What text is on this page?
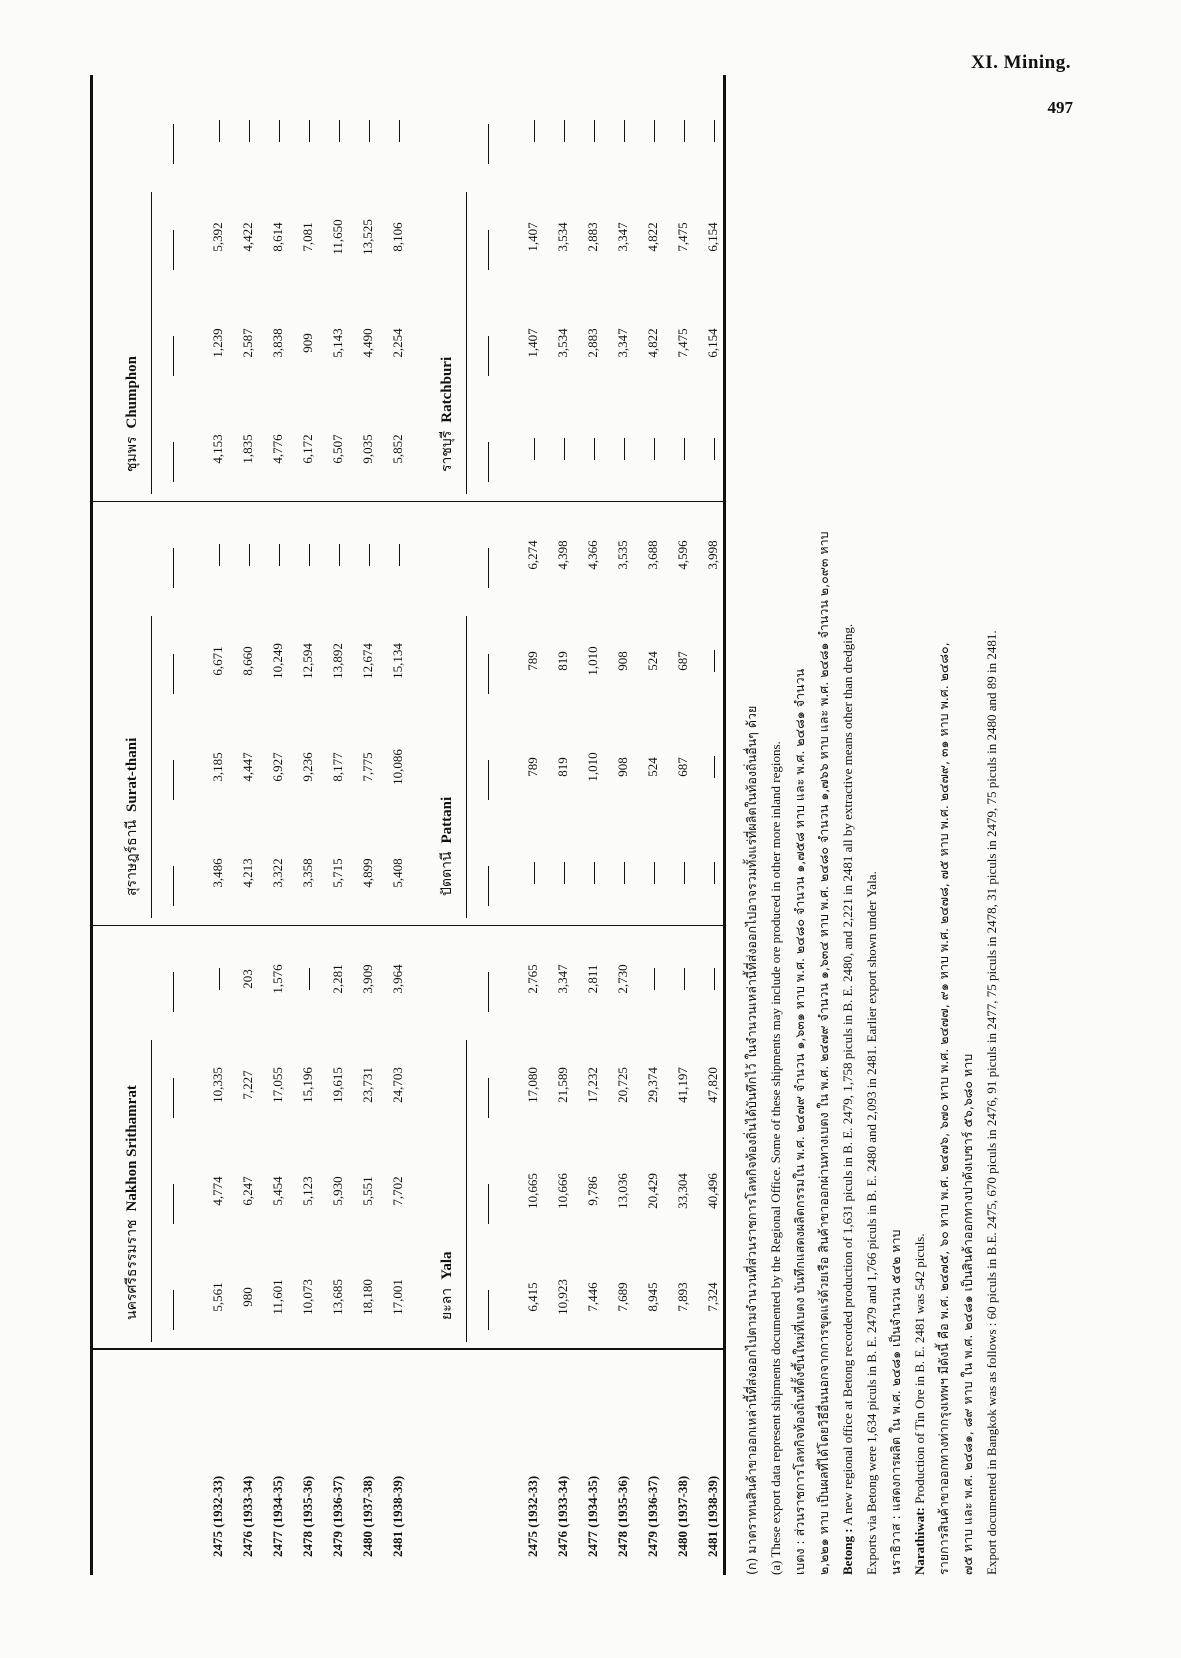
XI. Mining.
497
นครศรีธรรมราชNakhon Srithamrat
สุราษฎร์ธานีSurat-thani
ชุมพรChumphon
2475 (1932-33)
5,561
4,774
10,335
3,486
3,185
6,671
4,153
1,239
5,392
2476 (1933-34)
980
6,247
7,227
203
4,213
4,447
8,660
1,835
2,587
4,422
2477 (1934-35)
11,601
5,454
17,055
1,576
3,322
6,927
10,249
4,776
3,838
8,614
2478 (1935-36)
10,073
5,123
15,196
3,358
9,236
12,594
6,172
909
7,081
2479 (1936-37)
13,685
5,930
19,615
2,281
5,715
8,177
13,892
6,507
5,143
11,650
2480 (1937-38)
18,180
5,551
23,731
3,909
4,899
7,775
12,674
9,035
4,490
13,525
2481 (1938-39)
17,001
7,702
24,703
3,964
5,408
10,086
15,134
5,852
2,254
8,106
ยะลาYala
ปัตตานีPattani
ราชบุรีRatchburi
2475 (1932-33)
6,415
10,665
17,080
2,765
789
789
6,274
1,407
1,407
2476 (1933-34)
10,923
10,666
21,589
3,347
819
819
4,398
3,534
3,534
2477 (1934-35)
7,446
9,786
17,232
2,811
1,010
1,010
4,366
2,883
2,883
2478 (1935-36)
7,689
13,036
20,725
2,730
908
908
3,535
3,347
3,347
2479 (1936-37)
8,945
20,429
29,374
524
524
3,688
4,822
4,822
2480 (1937-38)
7,893
33,304
41,197
687
687
4,596
7,475
7,475
2481 (1938-39)
7,324
40,496
47,820
3,998
6,154
6,154
(ก) มาตราทนสินค้าขาออกเหล่านี้ที่ส่งออกไปตามจำนวนที่ส่วนราชการโลหกิจท้องถิ่นได้บันทึกไว้ ในจำนวนเหล่านี้ที่ส่งออกไปอาจรวมทั้งแร่ที่ผลิตในท้องถิ่นอื่นๆ ด้วย (a) These export data represent shipments documented by the Regional Office. Some of these shipments may include ore produced in other more inland regions. เบตง : ส่วนราชการโลหกิจท้องถิ่นที่ตั้งขึ้นใหม่ที่เบตง บันทึกแสดงผลิตกรรมใน พ.ศ. ๒๔๗๙ จำนวน ๑,๖๓๑ หาบ พ.ศ. ๒๔๘๐ จำนวน ๑,๗๕๘ หาบ และ พ.ศ. ๒๔๘๑ จำนวน ๒,๒๒๑ หาบ เป็นผลที่ได้โดยวิธีอื่นนอกจากการขุดแร่ด้วยเรือ สินค้าขาออกผ่านทางเบตง ใน พ.ศ. ๒๔๗๙ จำนวน ๑,๖๓๔ หาบ พ.ศ. ๒๔๘๐ จำนวน ๑,๗๖๖ หาบ และ พ.ศ. ๒๔๘๑ จำนวน ๒,๐๙๓ หาบ Betong : A new regional office at Betong recorded production of 1,631 piculs in B. E. 2479, 1,758 piculs in B. E. 2480, and 2,221 in 2481 all by extractive means other than dredging. Exports via Betong were 1,634 piculs in B. E. 2479 and 1,766 piculs in B. E. 2480 and 2,093 in 2481. Earlier export shown under Yala. นราธิวาส : แสดงการผลิต ใน พ.ศ. ๒๔๘๑ เป็นจำนวน ๕๔๒ หาบ Narathiwat: Production of Tin Ore in B. E. 2481 was 542 piculs. รายการสินค้าขาออกทางท่ากรุงเทพฯ มีดังนี้ คือ พ.ศ. ๒๔๗๕, ๖๐ หาบ พ.ศ. ๒๔๗๖, ๖๗๐ หาบ พ.ศ. ๒๔๗๗, ๙๑ หาบ พ.ศ. ๒๔๗๘, ๗๕ หาบ พ.ศ. ๒๔๗๙, ๓๑ หาบ พ.ศ. ๒๔๘๐, ๗๕ หาบ และ พ.ศ. ๒๔๘๑, ๘๙ หาบ ใน พ.ศ. ๒๔๘๑ เป็นสินค้าออกทางปาดังเบซาร์ ๕๖,๖๘๐ หาบ Export documented in Bangkok was as follows : 60 piculs in B.E. 2475, 670 piculs in 2476, 91 piculs in 2477, 75 piculs in 2478, 31 piculs in 2479, 75 piculs in 2480 and 89 in 2481.
